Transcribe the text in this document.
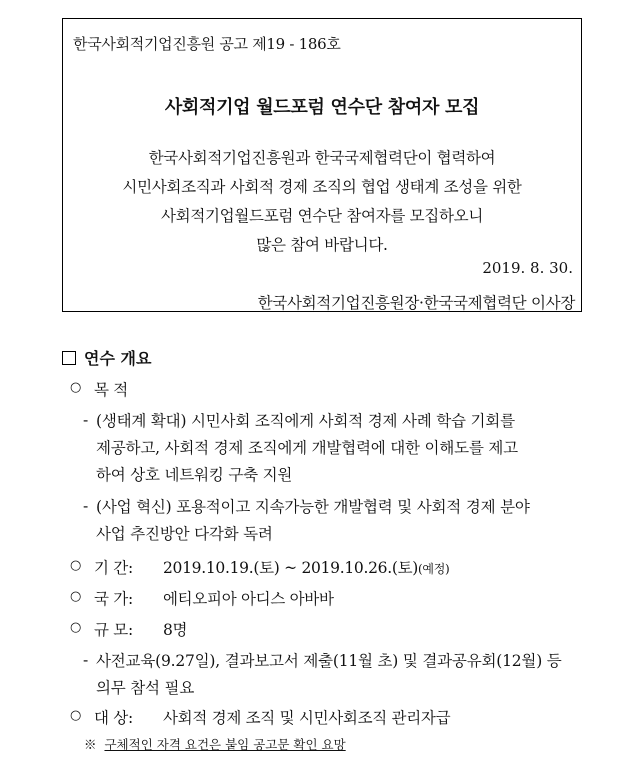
한국사회적기업진흥원 공고 제19 - 186호
사회적기업 월드포럼 연수단 참여자 모집
한국사회적기업진흥원과 한국국제협력단이 협력하여
시민사회조직과 사회적 경제 조직의 협업 생태계 조성을 위한
사회적기업월드포럼 연수단 참여자를 모집하오니
많은 참여 바랍니다.
2019. 8. 30.
한국사회적기업진흥원장·한국국제협력단 이사장
연수 개요
○ 목 적
- (생태계 확대) 시민사회 조직에게 사회적 경제 사례 학습 기회를
제공하고, 사회적 경제 조직에게 개발협력에 대한 이해도를 제고
하여 상호 네트워킹 구축 지원
- (사업 혁신) 포용적이고 지속가능한 개발협력 및 사회적 경제 분야
사업 추진방안 다각화 독려
○ 기 간: 2019.10.19.(토) ~ 2019.10.26.(토)(예정)
○ 국 가: 에티오피아 아디스 아바바
○ 규 모: 8명
- 사전교육(9.27일), 결과보고서 제출(11월 초) 및 결과공유회(12월) 등
의무 참석 필요
○ 대 상: 사회적 경제 조직 및 시민사회조직 관리자급
※ 구체적인 자격 요건은 붙임 공고문 확인 요망
